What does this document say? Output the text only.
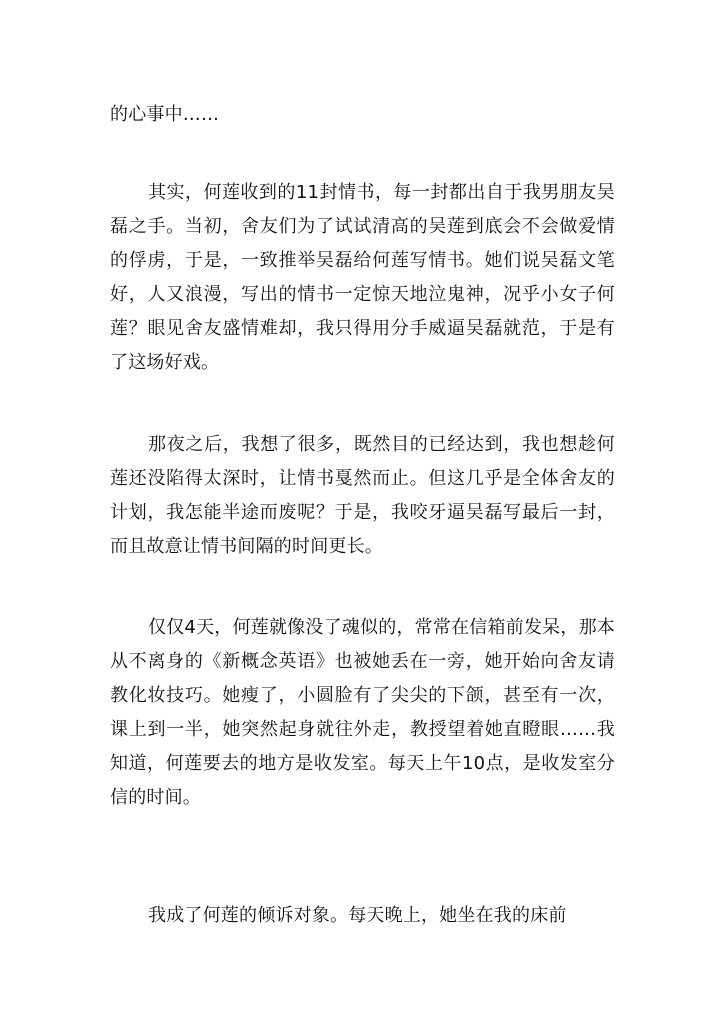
的心事中……

其实，何莲收到的11封情书，每一封都出自于我男朋友吴磊之手。当初，舍友们为了试试清高的吴莲到底会不会做爱情的俘虏，于是，一致推举吴磊给何莲写情书。她们说吴磊文笔好，人又浪漫，写出的情书一定惊天地泣鬼神，况乎小女子何莲？眼见舍友盛情难却，我只得用分手威逼吴磊就范，于是有了这场好戏。

那夜之后，我想了很多，既然目的已经达到，我也想趁何莲还没陷得太深时，让情书戛然而止。但这几乎是全体舍友的计划，我怎能半途而废呢？于是，我咬牙逼吴磊写最后一封，而且故意让情书间隔的时间更长。

仅仅4天，何莲就像没了魂似的，常常在信箱前发呆，那本从不离身的《新概念英语》也被她丢在一旁，她开始向舍友请教化妆技巧。她瘦了，小圆脸有了尖尖的下颌，甚至有一次，课上到一半，她突然起身就往外走，教授望着她直瞪眼……我知道，何莲要去的地方是收发室。每天上午10点，是收发室分信的时间。

我成了何莲的倾诉对象。每天晚上，她坐在我的床前
